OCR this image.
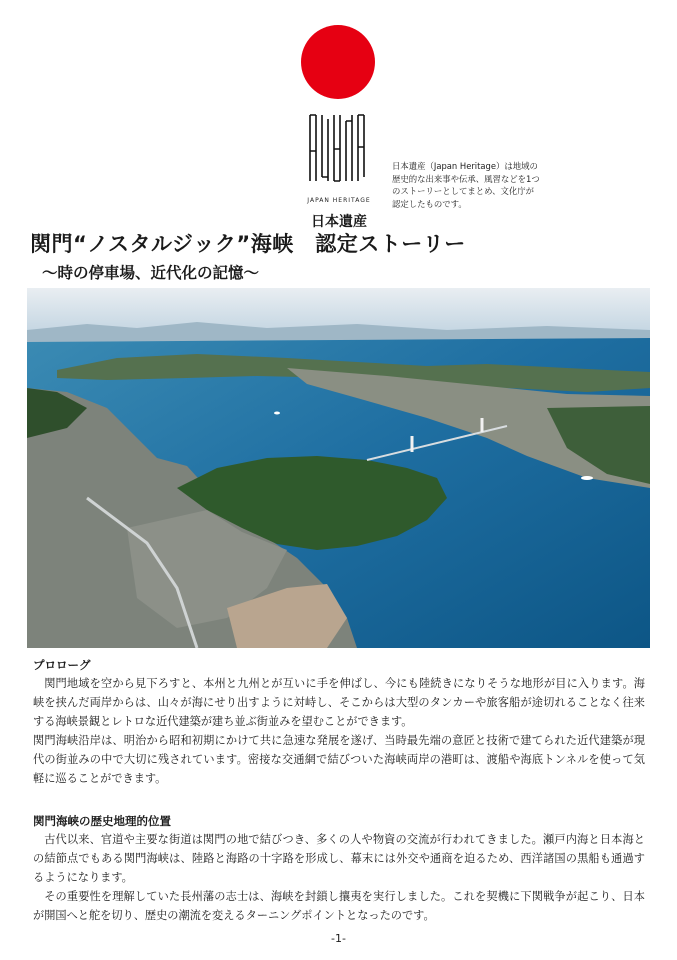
JAPAN HERITAGE
日本遺産
日本遺産（Japan Heritage）は地域の歴史的な出来事や伝承、風習などを1つのストーリーとしてまとめ、文化庁が認定したものです。
関門“ノスタルジック”海峡　認定ストーリー
～時の停車場、近代化の記憶～
プロローグ

関門地域を空から見下ろすと、本州と九州とが互いに手を伸ばし、今にも陸続きになりそうな地形が目に入ります。海峡を挟んだ両岸からは、山々が海にせり出すように対峙し、そこからは大型のタンカーや旅客船が途切れることなく往来する海峡景観とレトロな近代建築が建ち並ぶ街並みを望むことができます。

関門海峡沿岸は、明治から昭和初期にかけて共に急速な発展を遂げ、当時最先端の意匠と技術で建てられた近代建築が現代の街並みの中で大切に残されています。密接な交通網で結びついた海峡両岸の港町は、渡船や海底トンネルを使って気軽に巡ることができます。

関門海峡の歴史地理的位置

古代以来、官道や主要な街道は関門の地で結びつき、多くの人や物資の交流が行われてきました。瀬戸内海と日本海との結節点でもある関門海峡は、陸路と海路の十字路を形成し、幕末には外交や通商を迫るため、西洋諸国の黒船も通過するようになります。

その重要性を理解していた長州藩の志士は、海峡を封鎖し攘夷を実行しました。これを契機に下関戦争が起こり、日本が開国へと舵を切り、歴史の潮流を変えるターニングポイントとなったのです。

-1-
